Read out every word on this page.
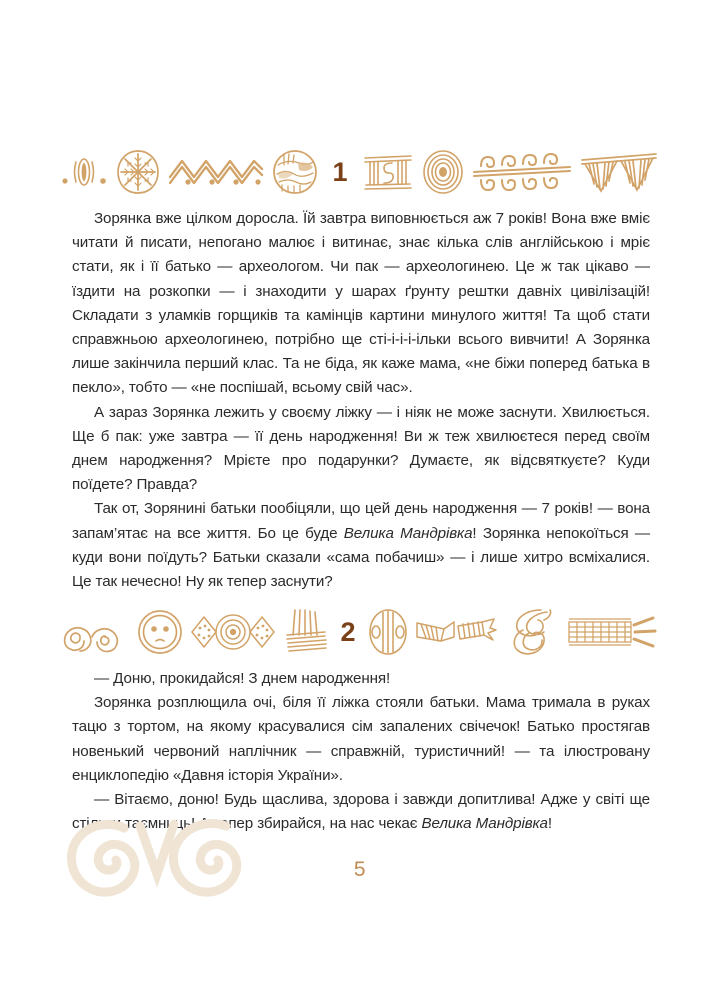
1

Зорянка вже цілком доросла. Їй завтра виповнюється аж 7 років! Вона вже вміє читати й писати, непогано малює і витинає, знає кілька слів англійською і мріє стати, як і її батько — археологом. Чи пак — археологинею. Це ж так цікаво — їздити на розкопки — і знаходити у шарах ґрунту рештки давніх цивілізацій! Складати з уламків горщиків та камінців картини минулого життя! Та щоб стати справжньою археологинею, потрібно ще сті-і-і-і-ільки всього вивчити! А Зорянка лише закінчила перший клас. Та не біда, як каже мама, «не біжи поперед батька в пекло», тобто — «не поспішай, всьому свій час».

А зараз Зорянка лежить у своєму ліжку — і ніяк не може заснути. Хвилюється. Ще б пак: уже завтра — її день народження! Ви ж теж хвилюєтеся перед своїм днем народження? Мрієте про подарунки? Думаєте, як відсвяткуєте? Куди поїдете? Правда?

Так от, Зорянині батьки пообіцяли, що цей день народження — 7 років! — вона запам’ятає на все життя. Бо це буде Велика Мандрівка! Зорянка непокоїться — куди вони поїдуть? Батьки сказали «сама побачиш» — і лише хитро всміхалися. Це так нечесно! Ну як тепер заснути?

2

— Доню, прокидайся! З днем народження!

Зорянка розплющила очі, біля її ліжка стояли батьки. Мама тримала в руках тацю з тортом, на якому красувалися сім запалених свічечок! Батько простягав новенький червоний наплічник — справжній, туристичний! — та ілюстровану енциклопедію «Давня історія України».

— Вітаємо, доню! Будь щаслива, здорова і завжди допитлива! Адже у світі ще стільки таємниць! А тепер збирайся, на нас чекає Велика Мандрівка!

5
